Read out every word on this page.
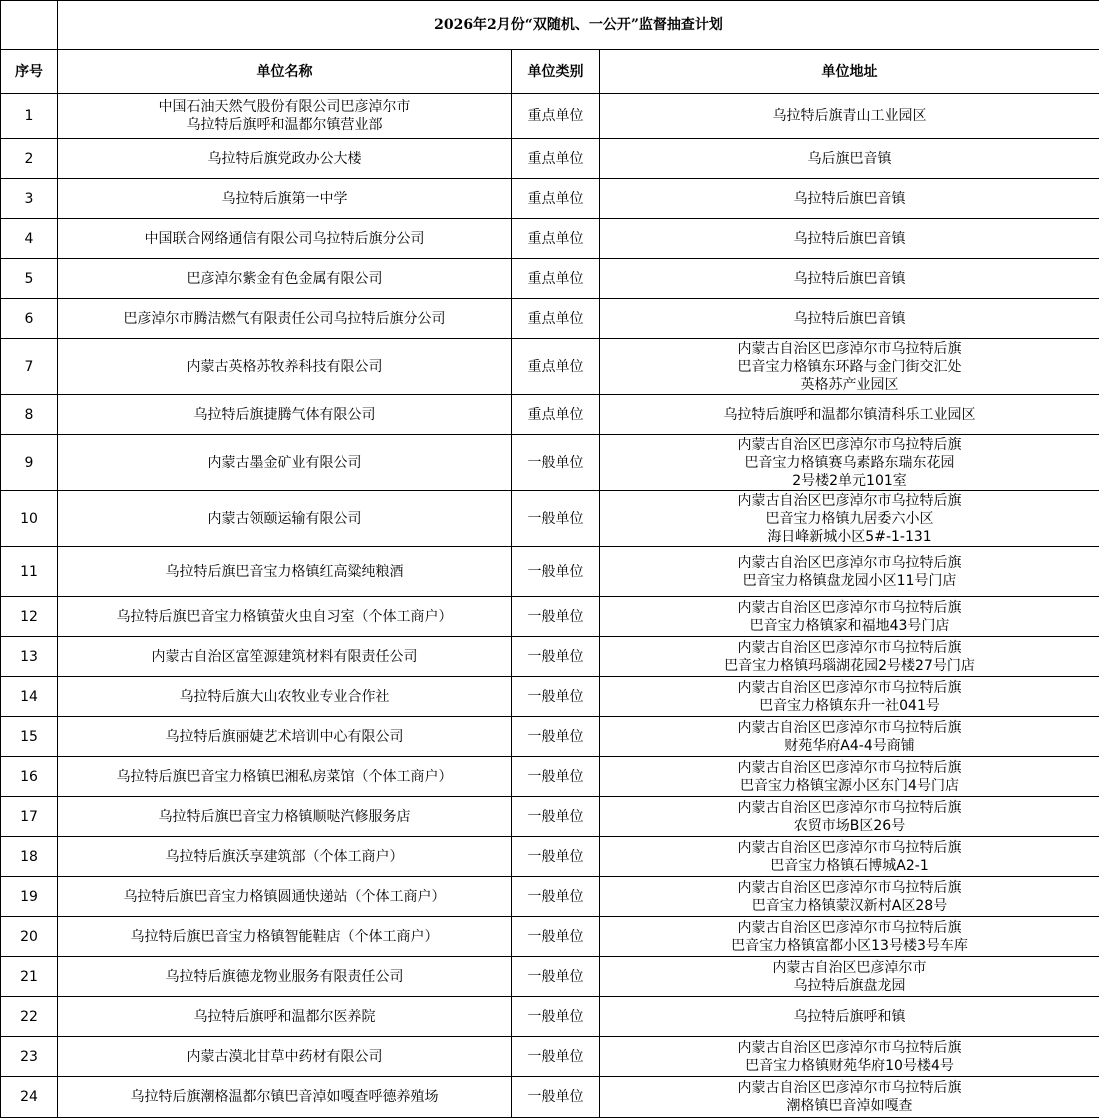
	2026年2月份“双随机、一公开”监督抽查计划		
序号	单位名称	单位类别	单位地址
1	中国石油天然气股份有限公司巴彦淖尔市
乌拉特后旗呼和温都尔镇营业部	重点单位	乌拉特后旗青山工业园区
2	乌拉特后旗党政办公大楼	重点单位	乌后旗巴音镇
3	乌拉特后旗第一中学	重点单位	乌拉特后旗巴音镇
4	中国联合网络通信有限公司乌拉特后旗分公司	重点单位	乌拉特后旗巴音镇
5	巴彦淖尔紫金有色金属有限公司	重点单位	乌拉特后旗巴音镇
6	巴彦淖尔市腾洁燃气有限责任公司乌拉特后旗分公司	重点单位	乌拉特后旗巴音镇
7	内蒙古英格苏牧养科技有限公司	重点单位	内蒙古自治区巴彦淖尔市乌拉特后旗
巴音宝力格镇东环路与金门街交汇处
英格苏产业园区
8	乌拉特后旗捷腾气体有限公司	重点单位	乌拉特后旗呼和温都尔镇清科乐工业园区
9	内蒙古墨金矿业有限公司	一般单位	内蒙古自治区巴彦淖尔市乌拉特后旗
巴音宝力格镇赛乌素路东瑞东花园
2号楼2单元101室
10	内蒙古领颐运输有限公司	一般单位	内蒙古自治区巴彦淖尔市乌拉特后旗
巴音宝力格镇九居委六小区
海日峰新城小区5#-1-131
11	乌拉特后旗巴音宝力格镇红高粱纯粮酒	一般单位	内蒙古自治区巴彦淖尔市乌拉特后旗
巴音宝力格镇盘龙园小区11号门店
12	乌拉特后旗巴音宝力格镇萤火虫自习室（个体工商户）	一般单位	内蒙古自治区巴彦淖尔市乌拉特后旗
巴音宝力格镇家和福地43号门店
13	内蒙古自治区富笙源建筑材料有限责任公司	一般单位	内蒙古自治区巴彦淖尔市乌拉特后旗
巴音宝力格镇玛瑙湖花园2号楼27号门店
14	乌拉特后旗大山农牧业专业合作社	一般单位	内蒙古自治区巴彦淖尔市乌拉特后旗
巴音宝力格镇东升一社041号
15	乌拉特后旗丽婕艺术培训中心有限公司	一般单位	内蒙古自治区巴彦淖尔市乌拉特后旗
财苑华府A4-4号商铺
16	乌拉特后旗巴音宝力格镇巴湘私房菜馆（个体工商户）	一般单位	内蒙古自治区巴彦淖尔市乌拉特后旗
巴音宝力格镇宝源小区东门4号门店
17	乌拉特后旗巴音宝力格镇顺哒汽修服务店	一般单位	内蒙古自治区巴彦淖尔市乌拉特后旗
农贸市场B区26号
18	乌拉特后旗沃享建筑部（个体工商户）	一般单位	内蒙古自治区巴彦淖尔市乌拉特后旗
巴音宝力格镇石博城A2-1
19	乌拉特后旗巴音宝力格镇圆通快递站（个体工商户）	一般单位	内蒙古自治区巴彦淖尔市乌拉特后旗
巴音宝力格镇蒙汉新村A区28号
20	乌拉特后旗巴音宝力格镇智能鞋店（个体工商户）	一般单位	内蒙古自治区巴彦淖尔市乌拉特后旗
巴音宝力格镇富都小区13号楼3号车库
21	乌拉特后旗德龙物业服务有限责任公司	一般单位	内蒙古自治区巴彦淖尔市
乌拉特后旗盘龙园
22	乌拉特后旗呼和温都尔医养院	一般单位	乌拉特后旗呼和镇
23	内蒙古漠北甘草中药材有限公司	一般单位	内蒙古自治区巴彦淖尔市乌拉特后旗
巴音宝力格镇财苑华府10号楼4号
24	乌拉特后旗潮格温都尔镇巴音淖如嘎查呼德养殖场	一般单位	内蒙古自治区巴彦淖尔市乌拉特后旗
潮格镇巴音淖如嘎查
